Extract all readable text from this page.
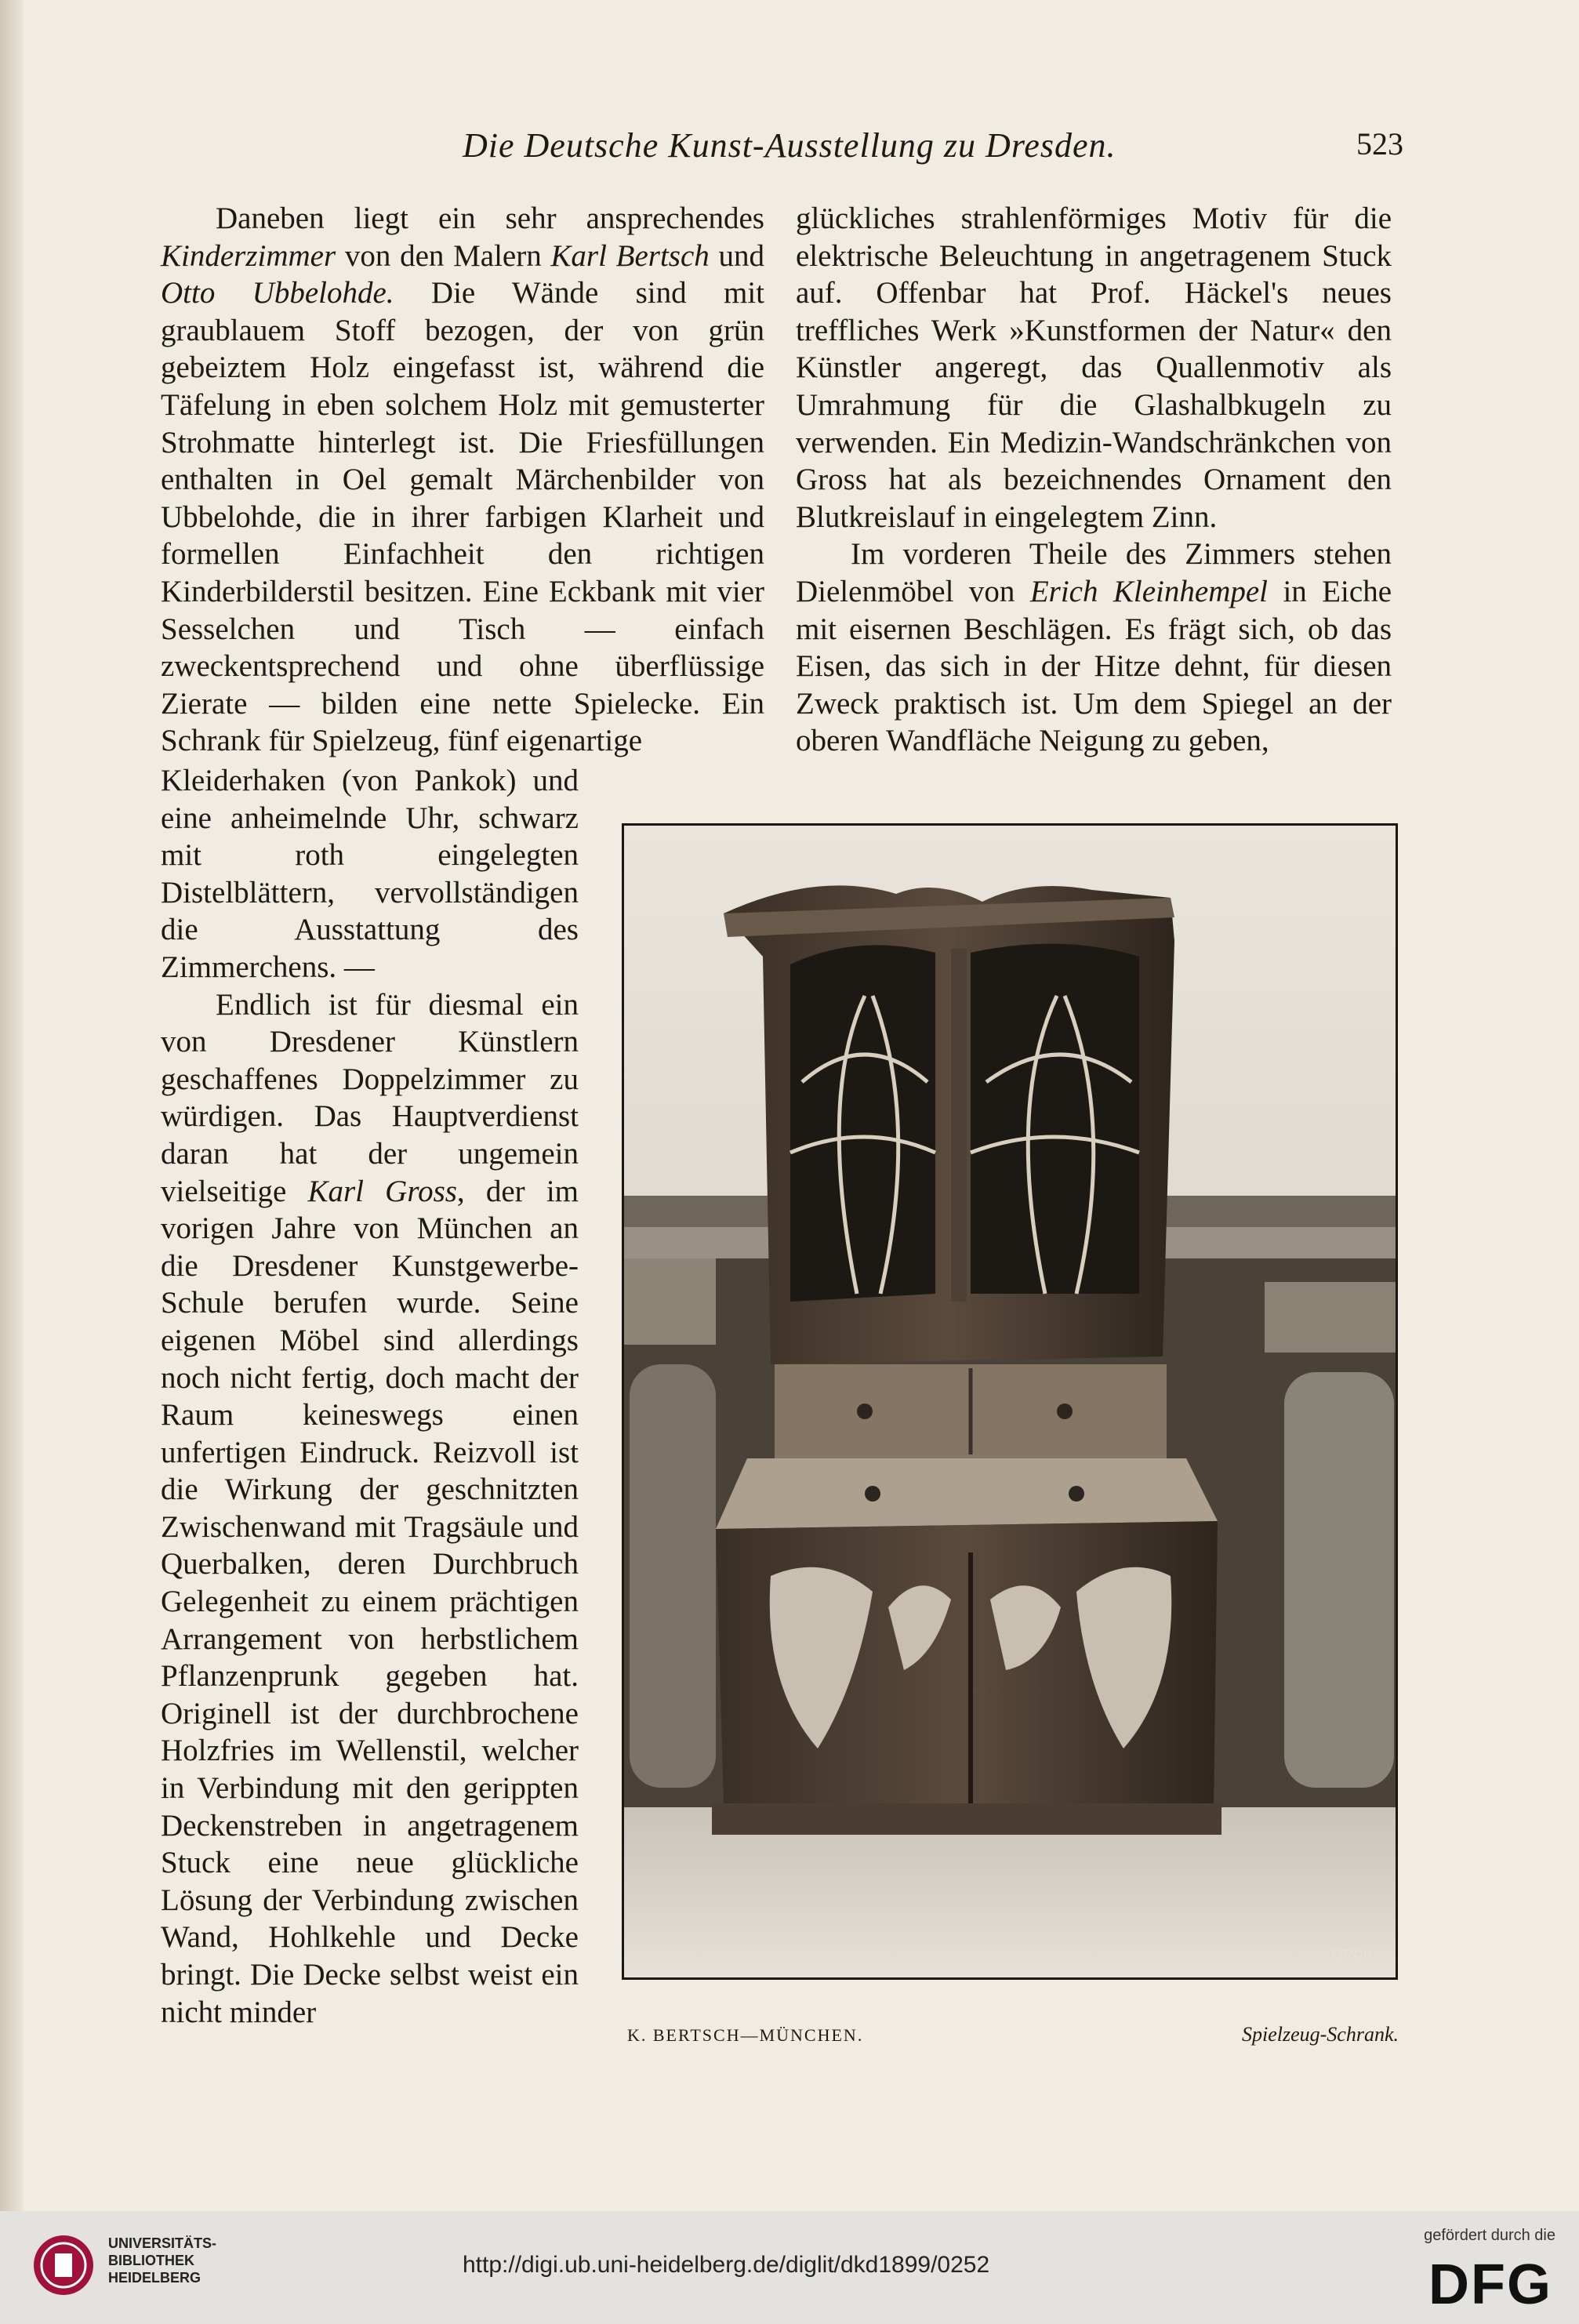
Die Deutsche Kunst-Ausstellung zu Dresden.	523

Daneben liegt ein sehr ansprechendes Kinderzimmer von den Malern Karl Bertsch und Otto Ubbelohde. Die Wände sind mit graublauem Stoff bezogen, der von grün gebeiztem Holz eingefasst ist, während die Täfelung in eben solchem Holz mit gemusterter Strohmatte hinterlegt ist. Die Friesfüllungen enthalten in Oel gemalt Märchenbilder von Ubbelohde, die in ihrer farbigen Klarheit und formellen Einfachheit den richtigen Kinderbilderstil besitzen. Eine Eckbank mit vier Sesselchen und Tisch — einfach zweckentsprechend und ohne überflüssige Zierate — bilden eine nette Spielecke. Ein Schrank für Spielzeug, fünf eigenartige

Kleiderhaken (von Pankok) und eine anheimelnde Uhr, schwarz mit roth eingelegten Distelblättern, vervollständigen die Ausstattung des Zimmerchens. —

Endlich ist für diesmal ein von Dresdener Künstlern geschaffenes Doppelzimmer zu würdigen. Das Hauptverdienst daran hat der ungemein vielseitige Karl Gross, der im vorigen Jahre von München an die Dresdener Kunstgewerbe-Schule berufen wurde. Seine eigenen Möbel sind allerdings noch nicht fertig, doch macht der Raum keineswegs einen unfertigen Eindruck. Reizvoll ist die Wirkung der geschnitzten Zwischenwand mit Tragsäule und Querbalken, deren Durchbruch Gelegenheit zu einem prächtigen Arrangement von herbstlichem Pflanzenprunk gegeben hat. Originell ist der durchbrochene Holzfries im Wellenstil, welcher in Verbindung mit den gerippten Deckenstreben in angetragenem Stuck eine neue glückliche Lösung der Verbindung zwischen Wand, Hohlkehle und Decke bringt. Die Decke selbst weist ein nicht minder

glückliches strahlenförmiges Motiv für die elektrische Beleuchtung in angetragenem Stuck auf. Offenbar hat Prof. Häckel's neues treffliches Werk »Kunstformen der Natur« den Künstler angeregt, das Quallenmotiv als Umrahmung für die Glashalbkugeln zu verwenden. Ein Medizin-Wandschränkchen von Gross hat als bezeichnendes Ornament den Blutkreislauf in eingelegtem Zinn.

Im vorderen Theile des Zimmers stehen Dielenmöbel von Erich Kleinhempel in Eiche mit eisernen Beschlägen. Es frägt sich, ob das Eisen, das sich in der Hitze dehnt, für diesen Zweck praktisch ist. Um dem Spiegel an der oberen Wandfläche Neigung zu geben,

MRC9
K. BERTSCH—MÜNCHEN.	Spielzeug-Schrank.
UNIVERSITÄTS-
BIBLIOTHEK
HEIDELBERG	http://digi.ub.uni-heidelberg.de/diglit/dkd1899/0252
gefördert durch die
DFG
